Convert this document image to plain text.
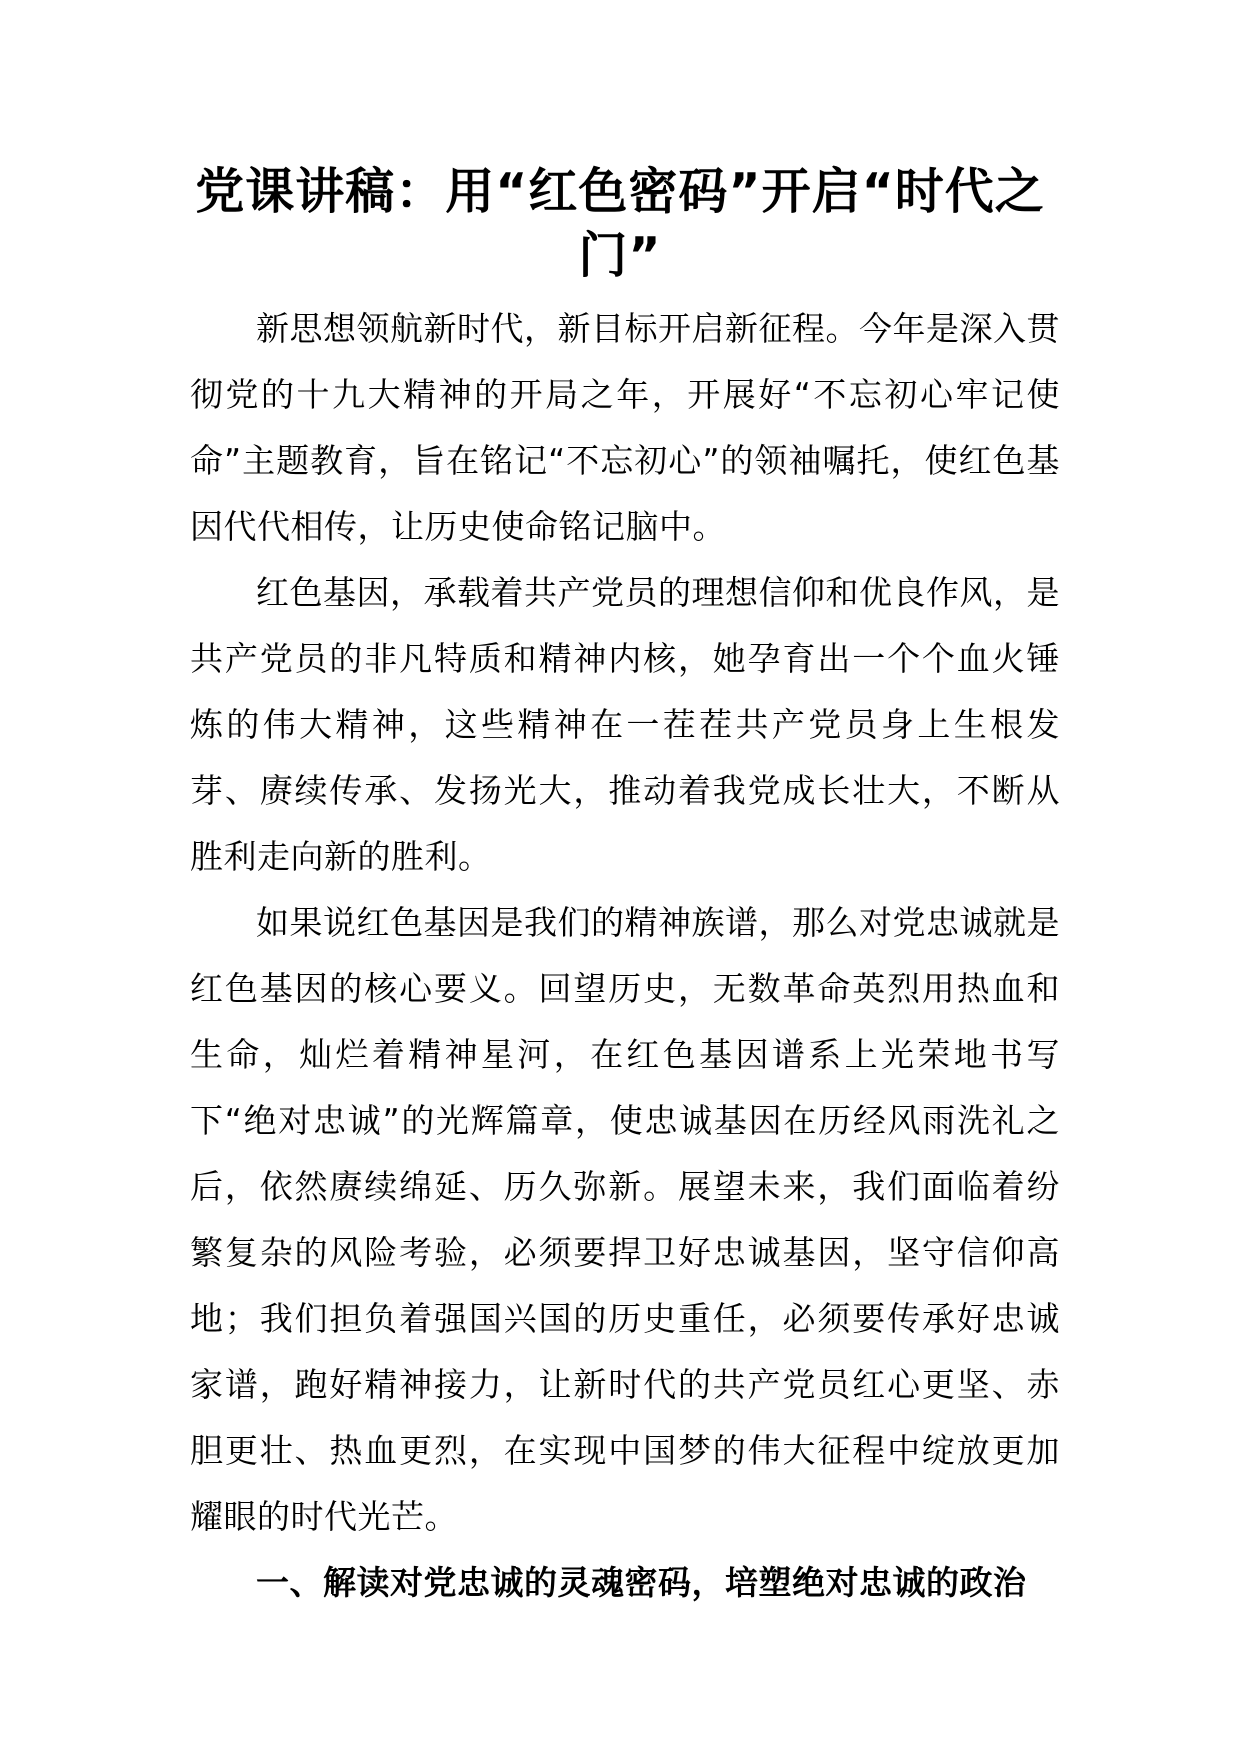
党课讲稿：用“红色密码”开启“时代之门”

新思想领航新时代，新目标开启新征程。今年是深入贯彻党的十九大精神的开局之年，开展好“不忘初心牢记使命”主题教育，旨在铭记“不忘初心”的领袖嘱托，使红色基因代代相传，让历史使命铭记脑中。

红色基因，承载着共产党员的理想信仰和优良作风，是共产党员的非凡特质和精神内核，她孕育出一个个血火锤炼的伟大精神，这些精神在一茬茬共产党员身上生根发芽、赓续传承、发扬光大，推动着我党成长壮大，不断从胜利走向新的胜利。

如果说红色基因是我们的精神族谱，那么对党忠诚就是红色基因的核心要义。回望历史，无数革命英烈用热血和生命，灿烂着精神星河，在红色基因谱系上光荣地书写下“绝对忠诚”的光辉篇章，使忠诚基因在历经风雨洗礼之后，依然赓续绵延、历久弥新。展望未来，我们面临着纷繁复杂的风险考验，必须要捍卫好忠诚基因，坚守信仰高地；我们担负着强国兴国的历史重任，必须要传承好忠诚家谱，跑好精神接力，让新时代的共产党员红心更坚、赤胆更壮、热血更烈，在实现中国梦的伟大征程中绽放更加耀眼的时代光芒。

一、解读对党忠诚的灵魂密码，培塑绝对忠诚的政治
